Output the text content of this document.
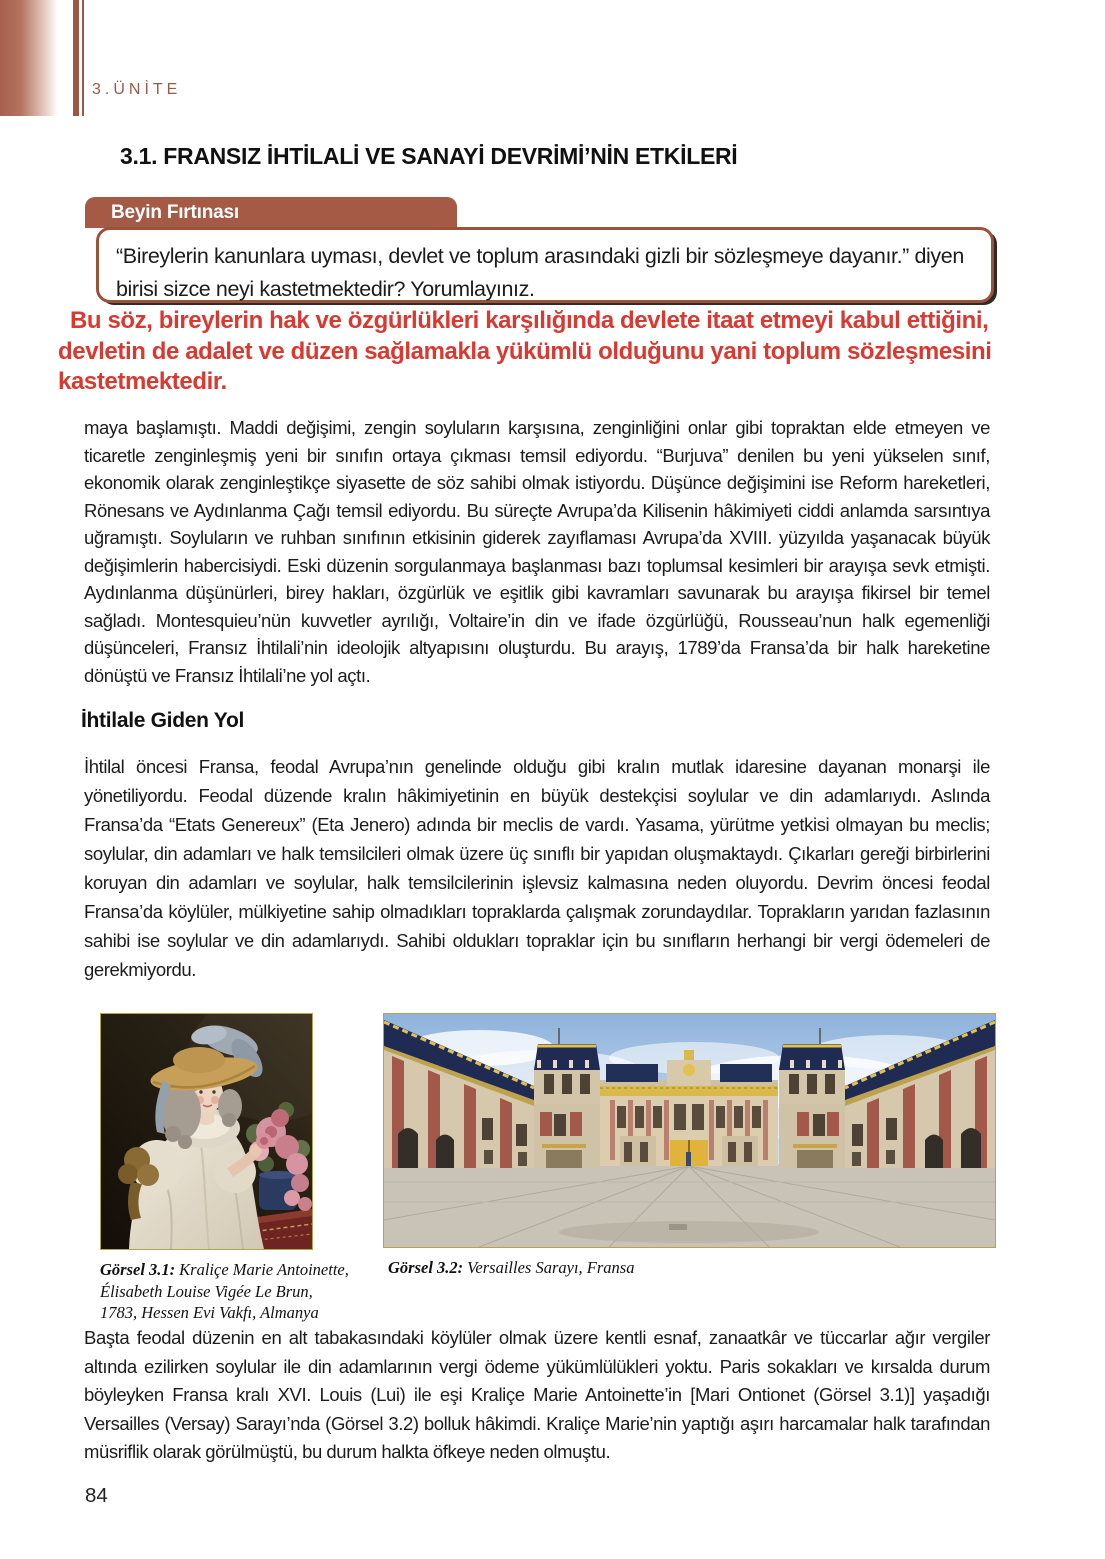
3.ÜNİTE
3.1. FRANSIZ İHTİLALİ VE SANAYİ DEVRİMİ’NİN ETKİLERİ
Beyin Fırtınası
“Bireylerin kanunlara uyması, devlet ve toplum arasındaki gizli bir sözleşmeye dayanır.” diyen birisi sizce neyi kastetmektedir? Yorumlayınız.
Bu söz, bireylerin hak ve özgürlükleri karşılığında devlete itaat etmeyi kabul ettiğini, devletin de adalet ve düzen sağlamakla yükümlü olduğunu yani toplum sözleşmesini kastetmektedir.

maya başlamıştı. Maddi değişimi, zengin soyluların karşısına, zenginliğini onlar gibi topraktan elde etmeyen ve ticaretle zenginleşmiş yeni bir sınıfın ortaya çıkması temsil ediyordu. “Burjuva” denilen bu yeni yükselen sınıf, ekonomik olarak zenginleştikçe siyasette de söz sahibi olmak istiyordu. Düşünce değişimini ise Reform hareketleri, Rönesans ve Aydınlanma Çağı temsil ediyordu. Bu süreçte Avrupa’da Kilisenin hâkimiyeti ciddi anlamda sarsıntıya uğramıştı. Soyluların ve ruhban sınıfının etkisinin giderek zayıflaması Avrupa’da XVIII. yüzyılda yaşanacak büyük değişimlerin habercisiydi. Eski düzenin sorgulanmaya başlanması bazı toplumsal kesimleri bir arayışa sevk etmişti. Aydınlanma düşünürleri, birey hakları, özgürlük ve eşitlik gibi kavramları savunarak bu arayışa fikirsel bir temel sağladı. Montesquieu’nün kuvvetler ayrılığı, Voltaire’in din ve ifade özgürlüğü, Rousseau’nun halk egemenliği düşünceleri, Fransız İhtilali’nin ideolojik altyapısını oluşturdu. Bu arayış, 1789’da Fransa’da bir halk hareketine dönüştü ve Fransız İhtilali’ne yol açtı.

İhtilale Giden Yol

İhtilal öncesi Fransa, feodal Avrupa’nın genelinde olduğu gibi kralın mutlak idaresine dayanan monarşi ile yönetiliyordu. Feodal düzende kralın hâkimiyetinin en büyük destekçisi soylular ve din adamlarıydı. Aslında Fransa’da “Etats Genereux” (Eta Jenero) adında bir meclis de vardı. Yasama, yürütme yetkisi olmayan bu meclis; soylular, din adamları ve halk temsilcileri olmak üzere üç sınıflı bir yapıdan oluşmaktaydı. Çıkarları gereği birbirlerini koruyan din adamları ve soylular, halk temsilcilerinin işlevsiz kalmasına neden oluyordu. Devrim öncesi feodal Fransa’da köylüler, mülkiyetine sahip olmadıkları topraklarda çalışmak zorundaydılar. Toprakların yarıdan fazlasının sahibi ise soylular ve din adamlarıydı. Sahibi oldukları topraklar için bu sınıfların herhangi bir vergi ödemeleri de gerekmiyordu.

Görsel 3.1: Kraliçe Marie Antoinette, Élisabeth Louise Vigée Le Brun, 1783, Hessen Evi Vakfı, Almanya
Görsel 3.2: Versailles Sarayı, Fransa

Başta feodal düzenin en alt tabakasındaki köylüler olmak üzere kentli esnaf, zanaatkâr ve tüccarlar ağır vergiler altında ezilirken soylular ile din adamlarının vergi ödeme yükümlülükleri yoktu. Paris sokakları ve kırsalda durum böyleyken Fransa kralı XVI. Louis (Lui) ile eşi Kraliçe Marie Antoinette’in [Mari Ontionet (Görsel 3.1)] yaşadığı Versailles (Versay) Sarayı’nda (Görsel 3.2) bolluk hâkimdi. Kraliçe Marie’nin yaptığı aşırı harcamalar halk tarafından müsriflik olarak görülmüştü, bu durum halkta öfkeye neden olmuştu.

84
